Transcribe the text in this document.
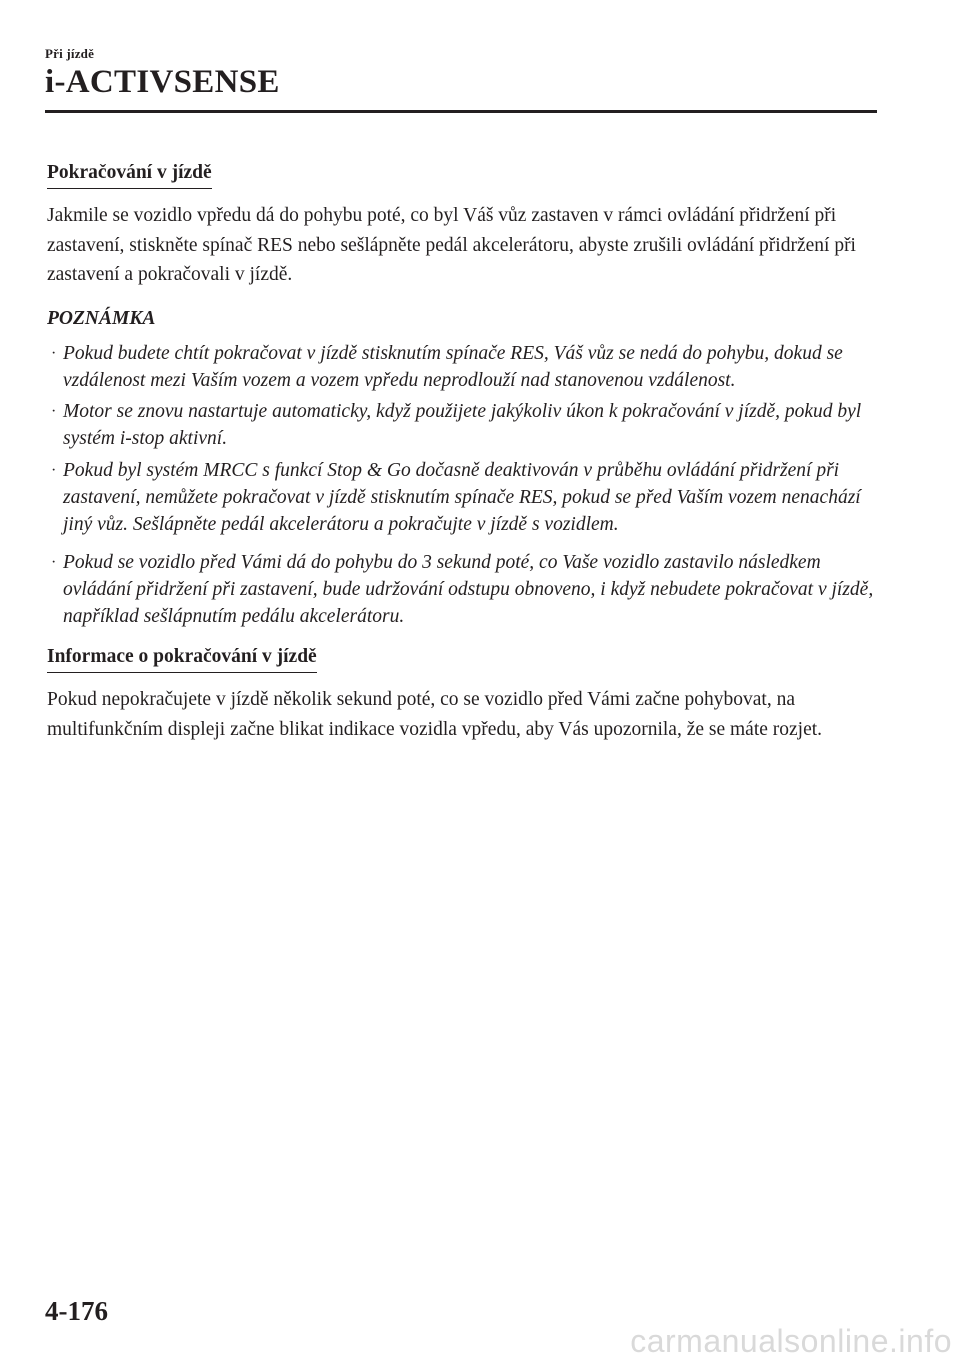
Při jízdě
i-ACTIVSENSE
Pokračování v jízdě

Jakmile se vozidlo vpředu dá do pohybu poté, co byl Váš vůz zastaven v rámci ovládání přidržení při zastavení, stiskněte spínač RES nebo sešlápněte pedál akcelerátoru, abyste zrušili ovládání přidržení při zastavení a pokračovali v jízdě.

POZNÁMKA
· Pokud budete chtít pokračovat v jízdě stisknutím spínače RES, Váš vůz se nedá do pohybu, dokud se vzdálenost mezi Vaším vozem a vozem vpředu neprodlouží nad stanovenou vzdálenost.
· Motor se znovu nastartuje automaticky, když použijete jakýkoliv úkon k pokračování v jízdě, pokud byl systém i-stop aktivní.
· Pokud byl systém MRCC s funkcí Stop & Go dočasně deaktivován v průběhu ovládání přidržení při zastavení, nemůžete pokračovat v jízdě stisknutím spínače RES, pokud se před Vaším vozem nenachází jiný vůz. Sešlápněte pedál akcelerátoru a pokračujte v jízdě s vozidlem.
· Pokud se vozidlo před Vámi dá do pohybu do 3 sekund poté, co Vaše vozidlo zastavilo následkem ovládání přidržení při zastavení, bude udržování odstupu obnoveno, i když nebudete pokračovat v jízdě, například sešlápnutím pedálu akcelerátoru.
Informace o pokračování v jízdě

Pokud nepokračujete v jízdě několik sekund poté, co se vozidlo před Vámi začne pohybovat, na multifunkčním displeji začne blikat indikace vozidla vpředu, aby Vás upozornila, že se máte rozjet.

4-176
carmanualsonline.info
